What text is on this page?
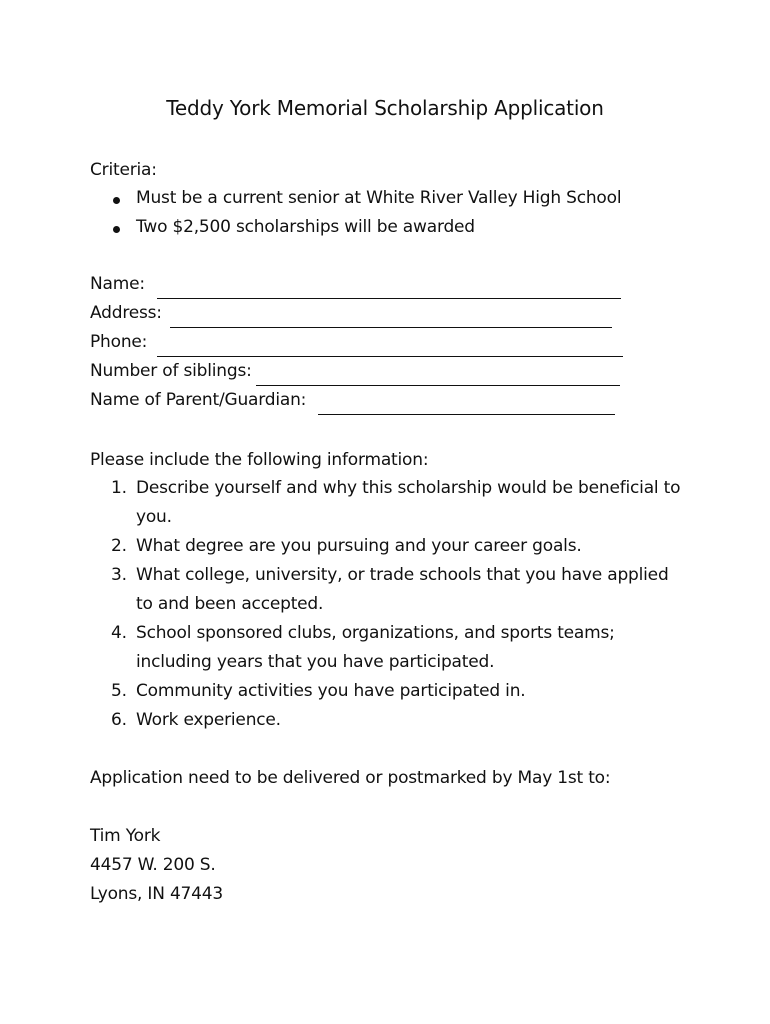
Teddy York Memorial Scholarship Application
Criteria:
Must be a current senior at White River Valley High School
Two $2,500 scholarships will be awarded
Name:
Address:
Phone:
Number of siblings:
Name of Parent/Guardian:
Please include the following information:
1. Describe yourself and why this scholarship would be beneficial to you.
2. What degree are you pursuing and your career goals.
3. What college, university, or trade schools that you have applied to and been accepted.
4. School sponsored clubs, organizations, and sports teams; including years that you have participated.
5. Community activities you have participated in.
6. Work experience.
Application need to be delivered or postmarked by May 1st to:
Tim York
4457 W. 200 S.
Lyons, IN 47443
